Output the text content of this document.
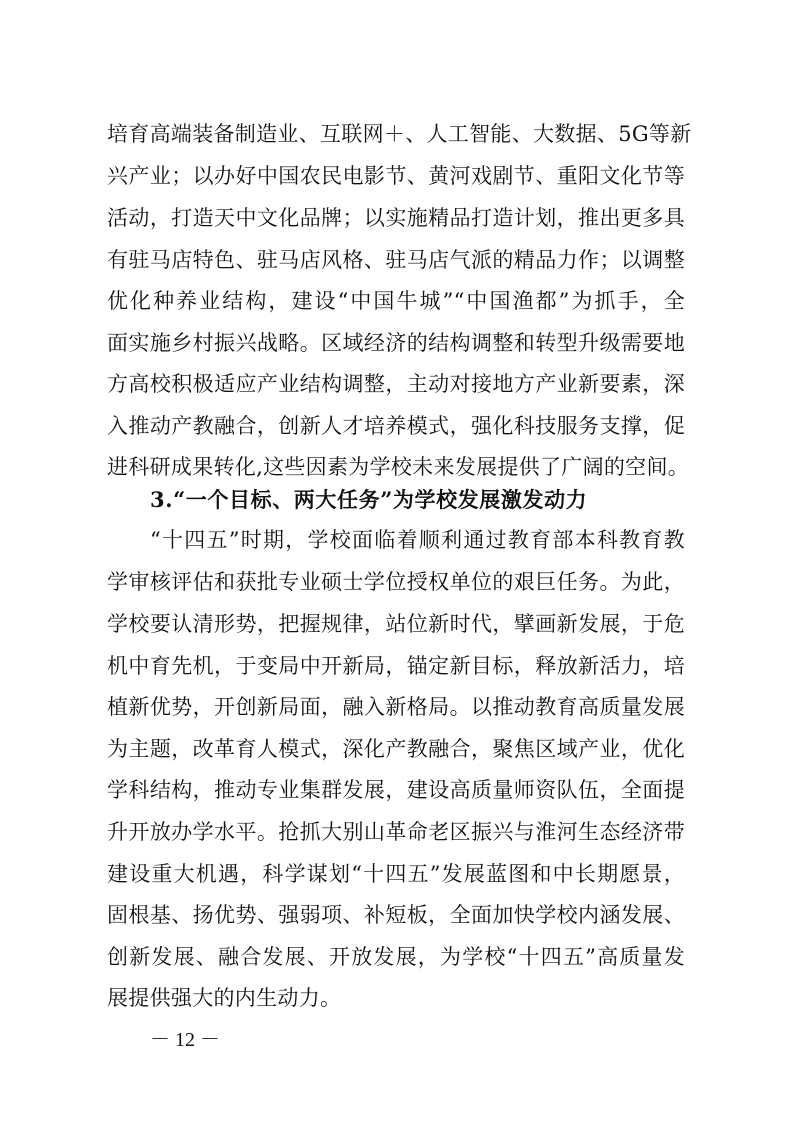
培育高端装备制造业、互联网＋、人工智能、大数据、5G等新
兴产业；以办好中国农民电影节、黄河戏剧节、重阳文化节等
活动，打造天中文化品牌；以实施精品打造计划，推出更多具
有驻马店特色、驻马店风格、驻马店气派的精品力作；以调整
优化种养业结构，建设“中国牛城”“中国渔都”为抓手，全
面实施乡村振兴战略。区域经济的结构调整和转型升级需要地
方高校积极适应产业结构调整，主动对接地方产业新要素，深
入推动产教融合，创新人才培养模式，强化科技服务支撑，促
进科研成果转化,这些因素为学校未来发展提供了广阔的空间。
3.“一个目标、两大任务”为学校发展激发动力
“十四五”时期，学校面临着顺利通过教育部本科教育教
学审核评估和获批专业硕士学位授权单位的艰巨任务。为此，
学校要认清形势，把握规律，站位新时代，擘画新发展，于危
机中育先机，于变局中开新局，锚定新目标，释放新活力，培
植新优势，开创新局面，融入新格局。以推动教育高质量发展
为主题，改革育人模式，深化产教融合，聚焦区域产业，优化
学科结构，推动专业集群发展，建设高质量师资队伍，全面提
升开放办学水平。抢抓大别山革命老区振兴与淮河生态经济带
建设重大机遇，科学谋划“十四五”发展蓝图和中长期愿景，
固根基、扬优势、强弱项、补短板，全面加快学校内涵发展、
创新发展、融合发展、开放发展，为学校“十四五”高质量发
展提供强大的内生动力。
－ 12 －
